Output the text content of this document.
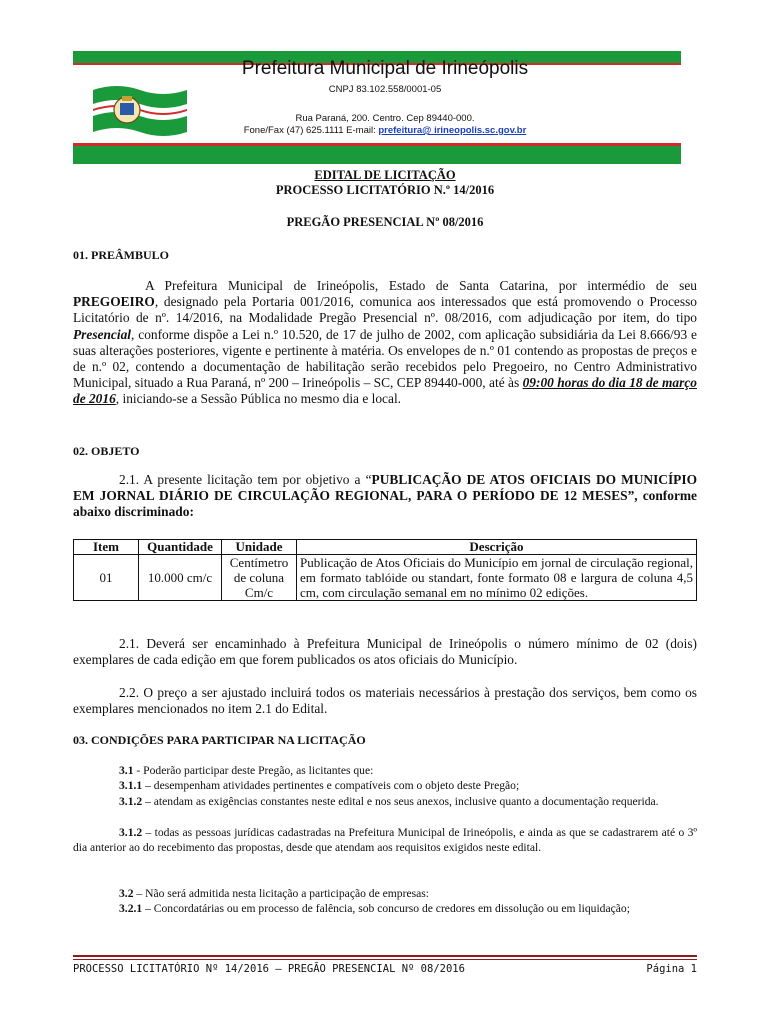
Prefeitura Municipal de Irineópolis
CNPJ 83.102.558/0001-05
Rua Paraná, 200. Centro. Cep 89440-000.
Fone/Fax (47) 625.1111 E-mail: prefeitura@ irineopolis.sc.gov.br
EDITAL DE LICITAÇÃO
PROCESSO LICITATÓRIO N.º 14/2016
PREGÃO PRESENCIAL Nº 08/2016
01. PREÂMBULO
A Prefeitura Municipal de Irineópolis, Estado de Santa Catarina, por intermédio de seu PREGOEIRO, designado pela Portaria 001/2016, comunica aos interessados que está promovendo o Processo Licitatório de nº. 14/2016, na Modalidade Pregão Presencial nº. 08/2016, com adjudicação por item, do tipo Presencial, conforme dispõe a Lei n.º 10.520, de 17 de julho de 2002, com aplicação subsidiária da Lei 8.666/93 e suas alterações posteriores, vigente e pertinente à matéria. Os envelopes de n.º 01 contendo as propostas de preços e de n.º 02, contendo a documentação de habilitação serão recebidos pelo Pregoeiro, no Centro Administrativo Municipal, situado a Rua Paraná, nº 200 – Irineópolis – SC, CEP 89440-000, até às 09:00 horas do dia 18 de março de 2016, iniciando-se a Sessão Pública no mesmo dia e local.
02. OBJETO
2.1. A presente licitação tem por objetivo a “PUBLICAÇÃO DE ATOS OFICIAIS DO MUNICÍPIO EM JORNAL DIÁRIO DE CIRCULAÇÃO REGIONAL, PARA O PERÍODO DE 12 MESES”, conforme abaixo discriminado:
Item	Quantidade	Unidade	Descrição
01	10.000 cm/c	Centímetro de coluna Cm/c	Publicação de Atos Oficiais do Município em jornal de circulação regional, em formato tablóide ou standart, fonte formato 08 e largura de coluna 4,5 cm, com circulação semanal em no mínimo 02 edições.
2.1. Deverá ser encaminhado à Prefeitura Municipal de Irineópolis o número mínimo de 02 (dois) exemplares de cada edição em que forem publicados os atos oficiais do Município.
2.2. O preço a ser ajustado incluirá todos os materiais necessários à prestação dos serviços, bem como os exemplares mencionados no item 2.1 do Edital.
03. CONDIÇÕES PARA PARTICIPAR NA LICITAÇÃO
3.1 - Poderão participar deste Pregão, as licitantes que:
3.1.1 – desempenham atividades pertinentes e compatíveis com o objeto deste Pregão;
3.1.2 – atendam as exigências constantes neste edital e nos seus anexos, inclusive quanto a documentação requerida.
3.1.2 – todas as pessoas jurídicas cadastradas na Prefeitura Municipal de Irineópolis, e ainda as que se cadastrarem até o 3º dia anterior ao do recebimento das propostas, desde que atendam aos requisitos exigidos neste edital.
3.2 – Não será admitida nesta licitação a participação de empresas:
3.2.1 – Concordatárias ou em processo de falência, sob concurso de credores em dissolução ou em liquidação;
PROCESSO LICITATÓRIO Nº 14/2016 – PREGÃO PRESENCIAL Nº 08/2016	Página 1
